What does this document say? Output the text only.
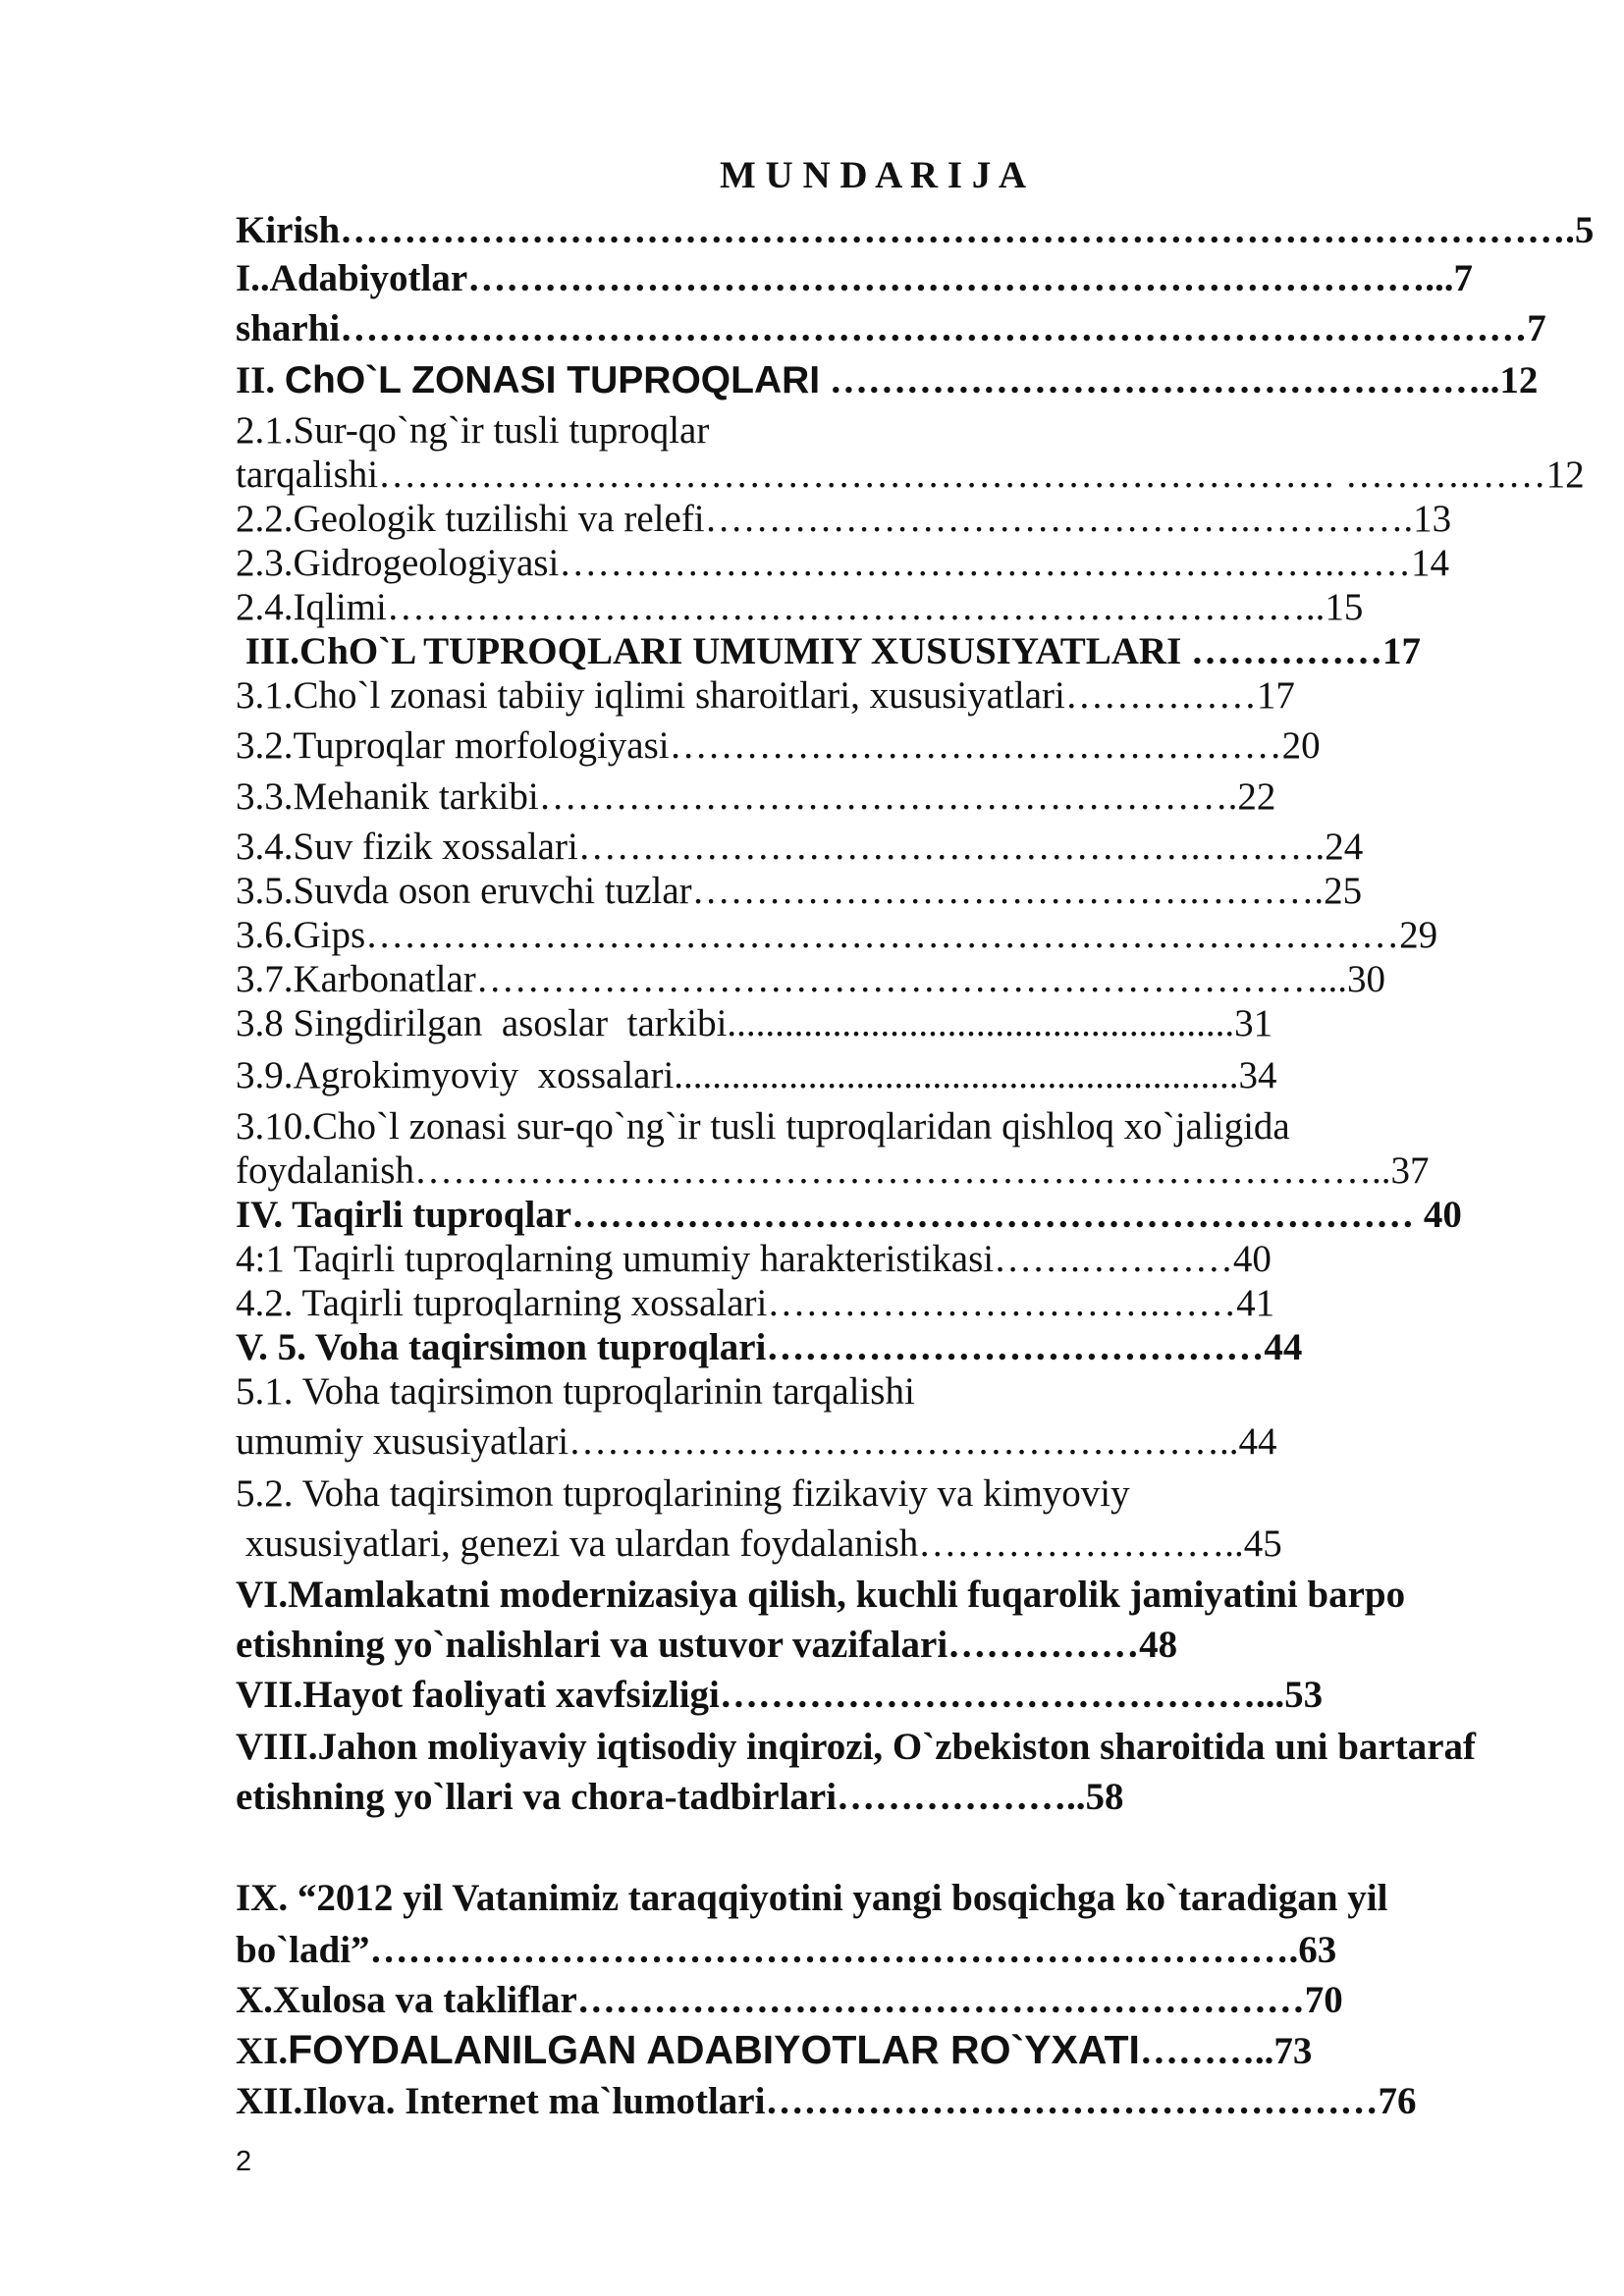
M U N D A R I J A
Kirish…………………………………………………………………………………….5
I..Adabiyotlar…………………………………………………………………...7
sharhi…………………………………………………………………………………7
II. ChO`L ZONASI TUPROQLARI ……………………………………………..12
2.1.Sur-qo`ng`ir tusli tuproqlar
tarqalishi………………………………………………………………… ……….……12
2.2.Geologik tuzilishi va relefi…………………………………….………….13
2.3.Gidrogeologiyasi…………………………………………………….……14
2.4.Iqlimi………………………………………………………………..15
III.ChO`L TUPROQLARI UMUMIY XUSUSIYATLARI ……………17
3.1.Cho`l zonasi tabiiy iqlimi sharoitlari, xususiyatlari……………17
3.2.Tuproqlar morfologiyasi…………………………………………20
3.3.Mehanik tarkibi……………………………………………….22
3.4.Suv fizik xossalari………………………………………….……….24
3.5.Suvda oson eruvchi tuzlar………………………………….……….25
3.6.Gips………………………………………………………………………29
3.7.Karbonatlar…………………………………………………………...30
3.8 Singdirilgan  asoslar  tarkibi.....................................................31
3.9.Agrokimyoviy  xossalari...........................................................34
3.10.Cho`l zonasi sur-qo`ng`ir tusli tuproqlaridan qishloq xo`jaligida
foydalanish…………………………………………………………………..37
IV. Taqirli tuproqlar………………………………………………………… 40
4:1 Taqirli tuproqlarning umumiy harakteristikasi…….…………40
4.2. Taqirli tuproqlarning xossalari………………………….……41
V. 5. Voha taqirsimon tuproqlari…………………………………44
5.1. Voha taqirsimon tuproqlarinin tarqalishi
umumiy xususiyatlari……………………………………………..44
5.2. Voha taqirsimon tuproqlarining fizikaviy va kimyoviy
xususiyatlari, genezi va ulardan foydalanish……………………..45
VI.Mamlakatni modernizasiya qilish, kuchli fuqarolik jamiyatini barpo
etishning yo`nalishlari va ustuvor vazifalari……………48
VII.Hayot faoliyati xavfsizligi……………………………………...53
VIII.Jahon moliyaviy iqtisodiy inqirozi, O`zbekiston sharoitida uni bartaraf
etishning yo`llari va chora-tadbirlari………………..58
IX. “2012 yil Vatanimiz taraqqiyotini yangi bosqichga ko`taradigan yil
bo`ladi”……………………………………………………………….63
X.Xulosa va takliflar…………………………………………………70
XI.FOYDALANILGAN ADABIYOTLAR RO`YXATI………..73
XII.Ilova. Internet ma`lumotlari…………………………………………76
2
